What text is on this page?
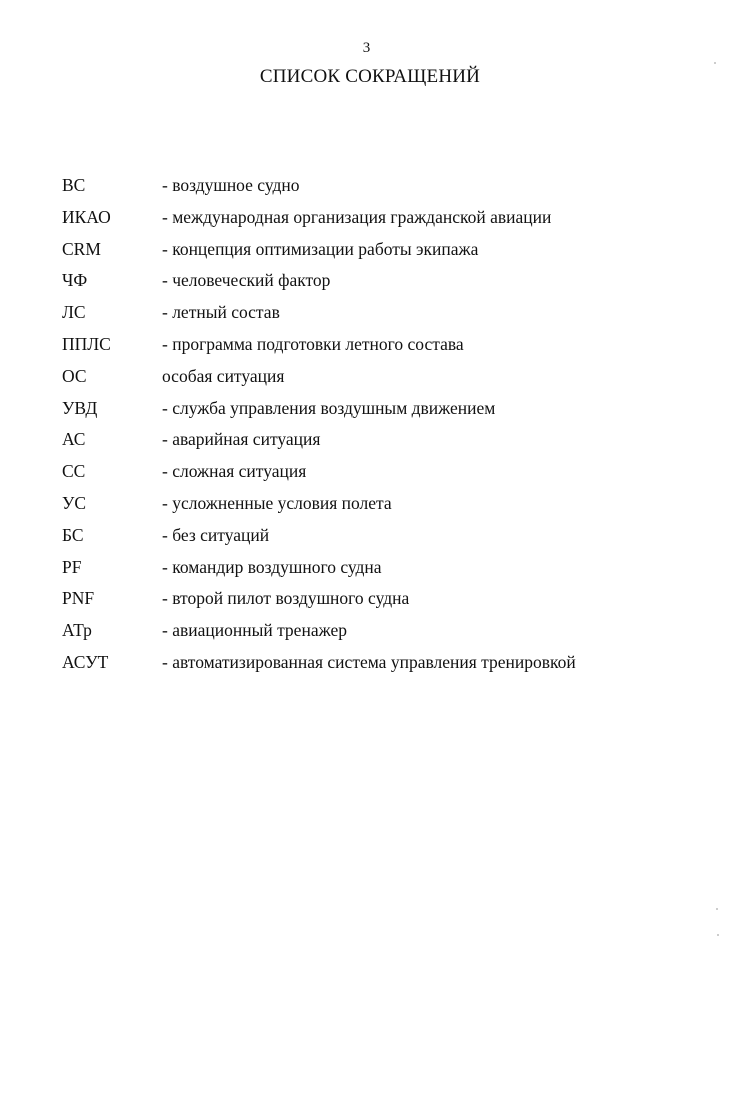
3
СПИСОК СОКРАЩЕНИЙ
ВС	- воздушное судно
ИКАО	- международная организация гражданской авиации
CRM	- концепция оптимизации работы экипажа
ЧФ	- человеческий фактор
ЛС	- летный состав
ППЛС	- программа подготовки летного состава
ОС	особая ситуация
УВД	- служба управления воздушным движением
АС	- аварийная ситуация
СС	- сложная ситуация
УС	- усложненные условия полета
БС	- без ситуаций
PF	- командир воздушного судна
PNF	- второй пилот воздушного судна
АТр	- авиационный тренажер
АСУТ	- автоматизированная система управления тренировкой
